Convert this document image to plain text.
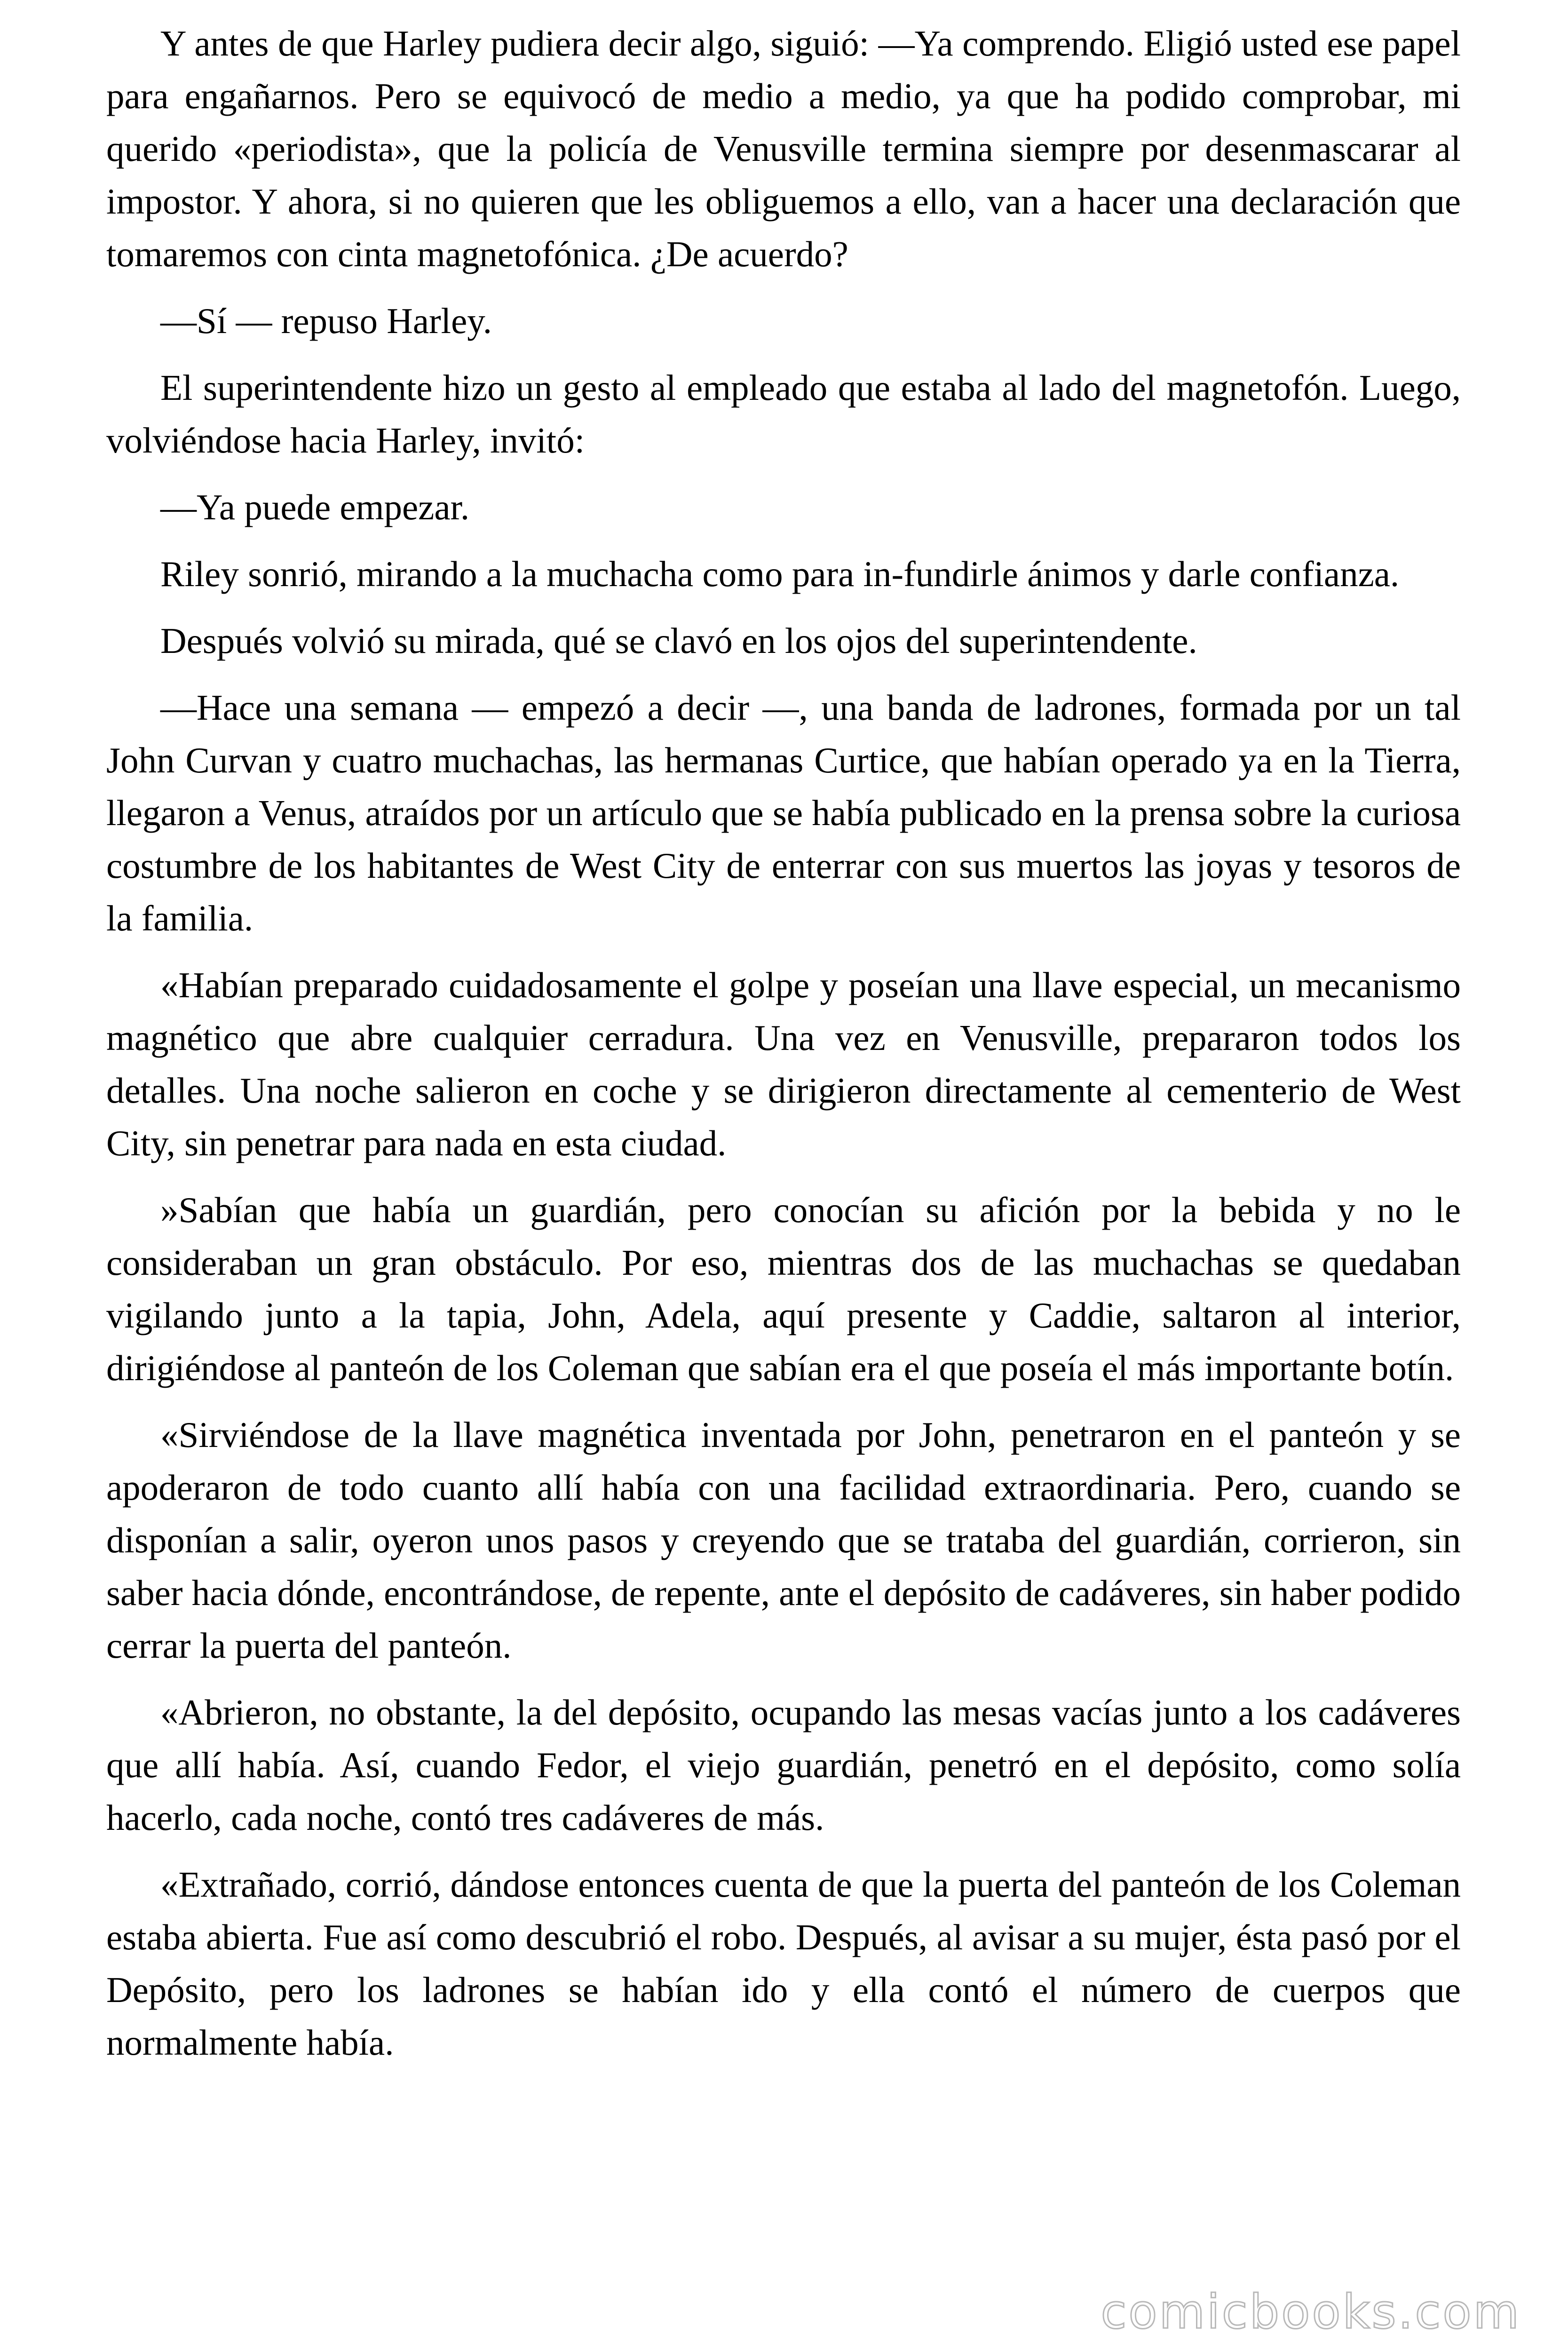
Y antes de que Harley pudiera decir algo, siguió: —Ya comprendo. Eligió usted ese papel para engañarnos. Pero se equivocó de medio a medio, ya que ha podido comprobar, mi querido «periodista», que la policía de Venusville termina siempre por desenmascarar al impostor. Y ahora, si no quieren que les obliguemos a ello, van a hacer una declaración que tomaremos con cinta magnetofónica. ¿De acuerdo?

—Sí — repuso Harley.

El superintendente hizo un gesto al empleado que estaba al lado del magnetofón. Luego, volviéndose hacia Harley, invitó:

—Ya puede empezar.

Riley sonrió, mirando a la muchacha como para in-fundirle ánimos y darle confianza.

Después volvió su mirada, qué se clavó en los ojos del superintendente.

—Hace una semana — empezó a decir —, una banda de ladrones, formada por un tal John Curvan y cuatro muchachas, las hermanas Curtice, que habían operado ya en la Tierra, llegaron a Venus, atraídos por un artículo que se había publicado en la prensa sobre la curiosa costumbre de los habitantes de West City de enterrar con sus muertos las joyas y tesoros de la familia.

«Habían preparado cuidadosamente el golpe y poseían una llave especial, un mecanismo magnético que abre cualquier cerradura. Una vez en Venusville, prepararon todos los detalles. Una noche salieron en coche y se dirigieron directamente al cementerio de West City, sin penetrar para nada en esta ciudad.

»Sabían que había un guardián, pero conocían su afición por la bebida y no le consideraban un gran obstáculo. Por eso, mientras dos de las muchachas se quedaban vigilando junto a la tapia, John, Adela, aquí presente y Caddie, saltaron al interior, dirigiéndose al panteón de los Coleman que sabían era el que poseía el más importante botín.

«Sirviéndose de la llave magnética inventada por John, penetraron en el panteón y se apoderaron de todo cuanto allí había con una facilidad extraordinaria. Pero, cuando se disponían a salir, oyeron unos pasos y creyendo que se trataba del guardián, corrieron, sin saber hacia dónde, encontrándose, de repente, ante el depósito de cadáveres, sin haber podido cerrar la puerta del panteón.

«Abrieron, no obstante, la del depósito, ocupando las mesas vacías junto a los cadáveres que allí había. Así, cuando Fedor, el viejo guardián, penetró en el depósito, como solía hacerlo, cada noche, contó tres cadáveres de más.

«Extrañado, corrió, dándose entonces cuenta de que la puerta del panteón de los Coleman estaba abierta. Fue así como descubrió el robo. Después, al avisar a su mujer, ésta pasó por el Depósito, pero los ladrones se habían ido y ella contó el número de cuerpos que normalmente había.

comicbooks.com
